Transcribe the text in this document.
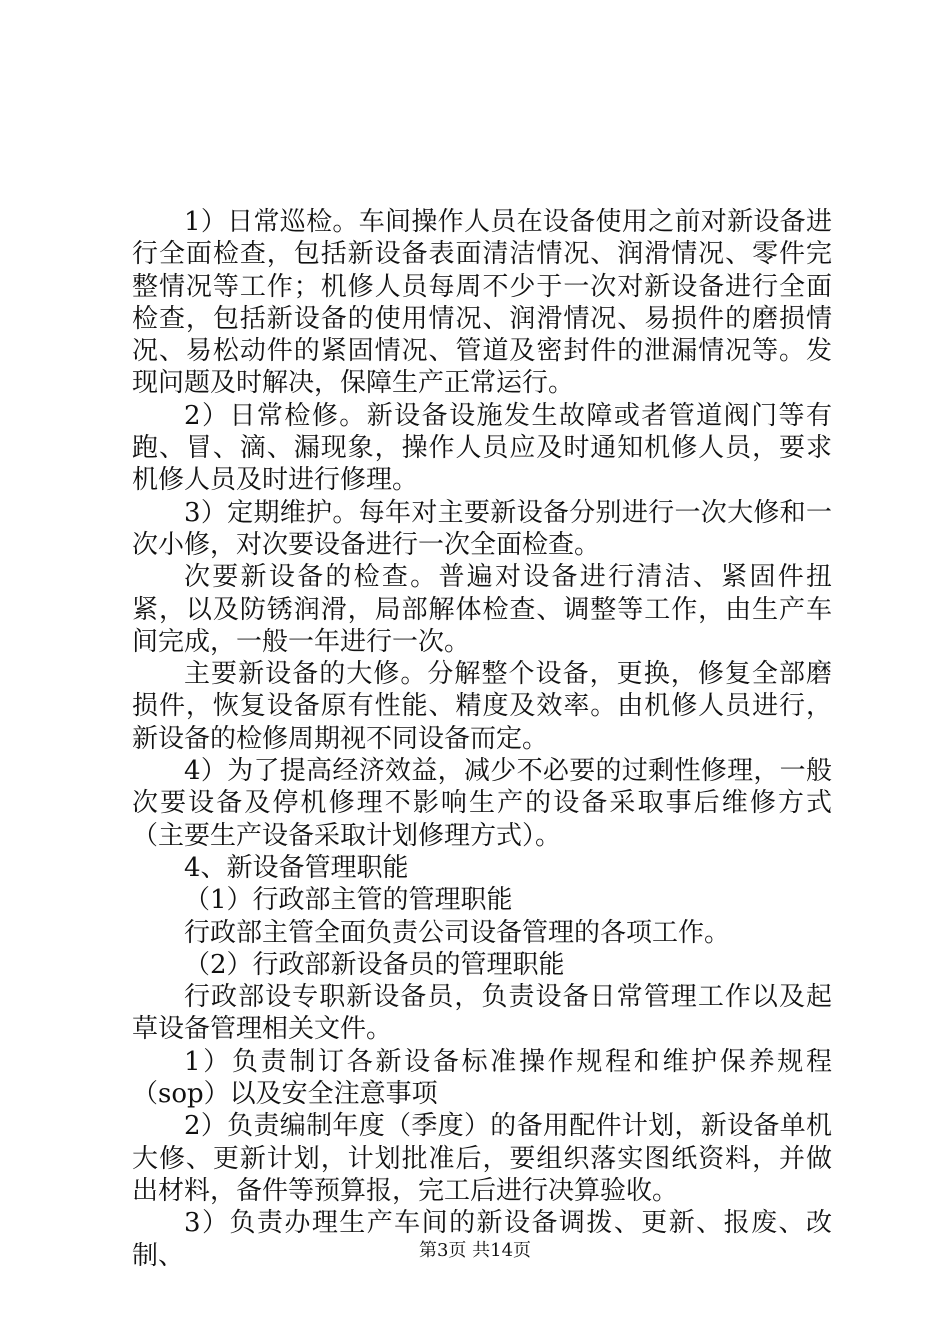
1）日常巡检。车间操作人员在设备使用之前对新设备进行全面检查，包括新设备表面清洁情况、润滑情况、零件完整情况等工作；机修人员每周不少于一次对新设备进行全面检查，包括新设备的使用情况、润滑情况、易损件的磨损情况、易松动件的紧固情况、管道及密封件的泄漏情况等。发现问题及时解决，保障生产正常运行。

2）日常检修。新设备设施发生故障或者管道阀门等有跑、冒、滴、漏现象，操作人员应及时通知机修人员，要求机修人员及时进行修理。

3）定期维护。每年对主要新设备分别进行一次大修和一次小修，对次要设备进行一次全面检查。

次要新设备的检查。普遍对设备进行清洁、紧固件扭紧，以及防锈润滑，局部解体检查、调整等工作，由生产车间完成，一般一年进行一次。

主要新设备的大修。分解整个设备，更换，修复全部磨损件，恢复设备原有性能、精度及效率。由机修人员进行，新设备的检修周期视不同设备而定。

4）为了提高经济效益，减少不必要的过剩性修理，一般次要设备及停机修理不影响生产的设备采取事后维修方式（主要生产设备采取计划修理方式）。

4、新设备管理职能

（1）行政部主管的管理职能

行政部主管全面负责公司设备管理的各项工作。

（2）行政部新设备员的管理职能

行政部设专职新设备员，负责设备日常管理工作以及起草设备管理相关文件。

1）负责制订各新设备标准操作规程和维护保养规程（sop）以及安全注意事项

2）负责编制年度（季度）的备用配件计划，新设备单机大修、更新计划，计划批准后，要组织落实图纸资料，并做出材料，备件等预算报，完工后进行决算验收。

3）负责办理生产车间的新设备调拨、更新、报废、改制、	第3页 共14页
